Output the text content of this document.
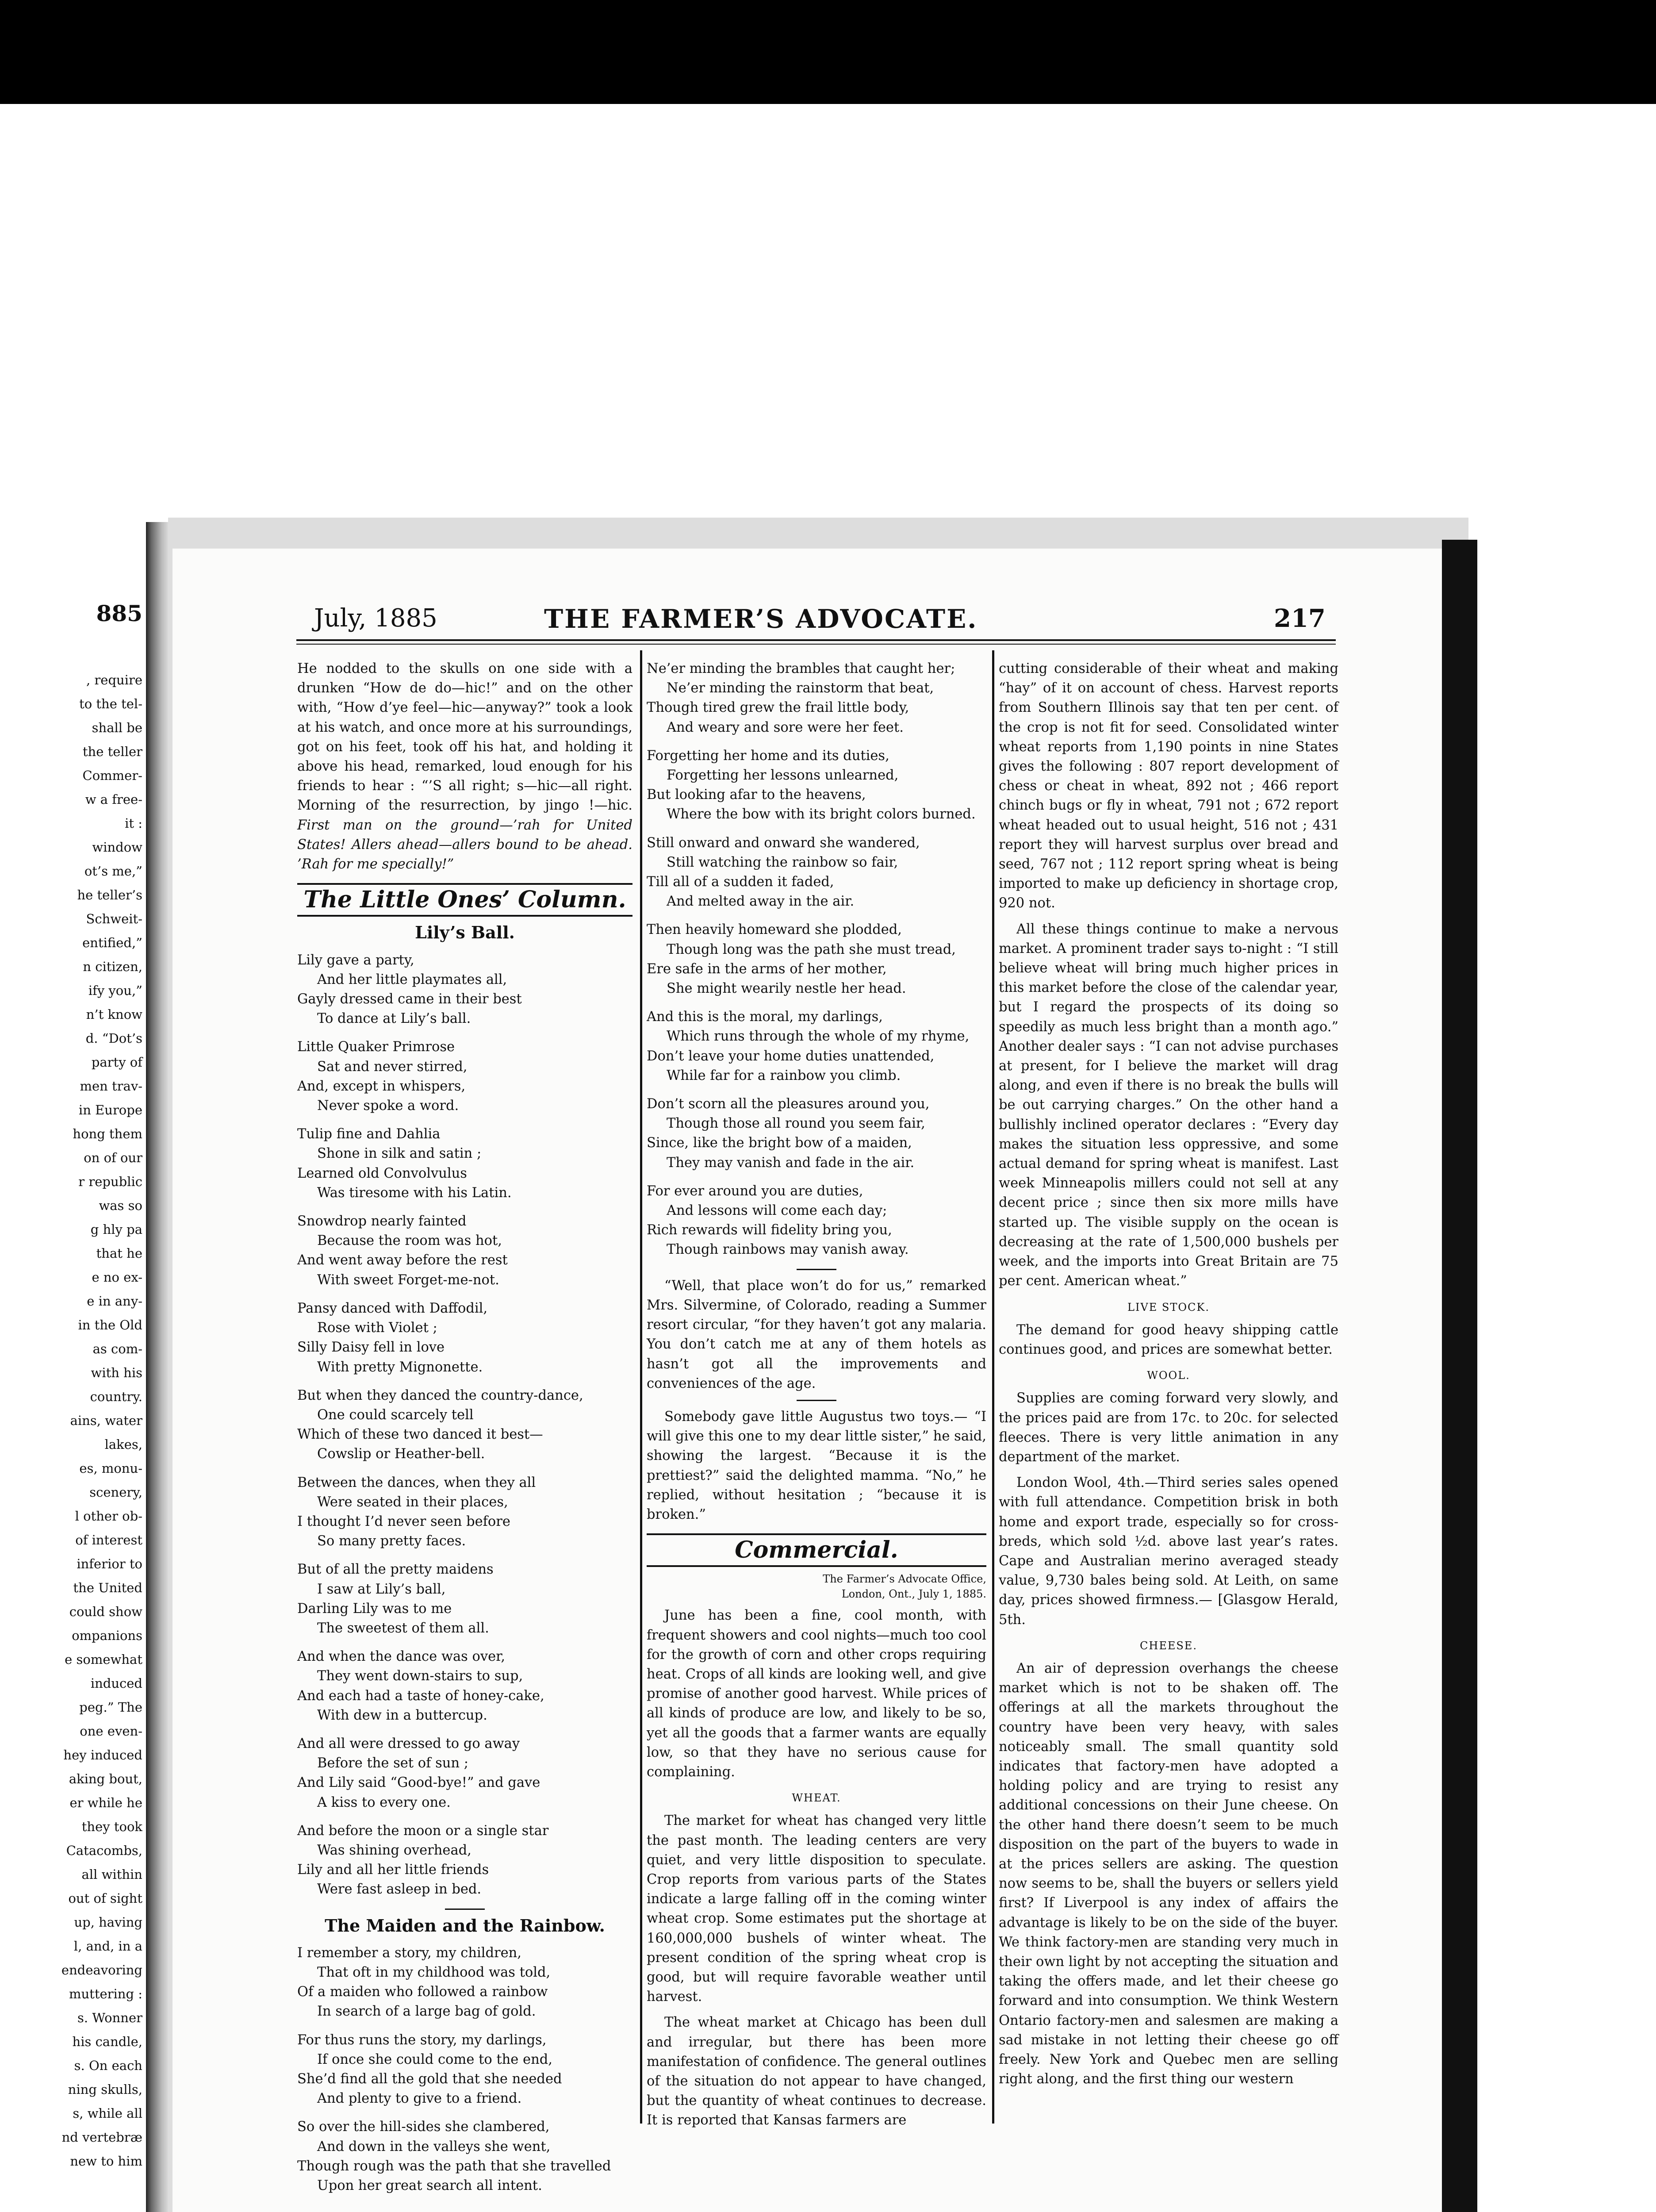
885
, require
to the tel-
shall be
the teller
Commer-
w a free-
it :
window
ot’s me,”
he teller’s
Schweit-
entified,”
n citizen,
ify you,”
n’t know
d. “Dot’s
party of
men trav-
in Europe
hong them
on of our
r republic
was so
g hly pa
that he
e no ex-
e in any-
in the Old
as com-
with his
country.
ains, water
lakes,
es, monu-
scenery,
l other ob-
of interest
inferior to
the United
could show
ompanions
e somewhat
induced
peg.” The
one even-
hey induced
aking bout,
er while he
they took
Catacombs,
all within
out of sight
up, having
l, and, in a
endeavoring
muttering :
s. Wonner
his candle,
s. On each
ning skulls,
s, while all
nd vertebræ
new to him
July, 1885	THE FARMER’S ADVOCATE.	217

He nodded to the skulls on one side with a drunken “How de do—hic!” and on the other with, “How d’ye feel—hic—anyway?” took a look at his watch, and once more at his surroundings, got on his feet, took off his hat, and holding it above his head, remarked, loud enough for his friends to hear : “’S all right; s—hic—all right. Morning of the resurrection, by jingo !—hic. First man on the ground—’rah for United States! Allers ahead—allers bound to be ahead. ’Rah for me specially!”

The Little Ones’ Column.
Lily’s Ball.

Lily gave a party,

And her little playmates all,

Gayly dressed came in their best

To dance at Lily’s ball.

Little Quaker Primrose

Sat and never stirred,

And, except in whispers,

Never spoke a word.

Tulip fine and Dahlia

Shone in silk and satin ;

Learned old Convolvulus

Was tiresome with his Latin.

Snowdrop nearly fainted

Because the room was hot,

And went away before the rest

With sweet Forget-me-not.

Pansy danced with Daffodil,

Rose with Violet ;

Silly Daisy fell in love

With pretty Mignonette.

But when they danced the country-dance,

One could scarcely tell

Which of these two danced it best—

Cowslip or Heather-bell.

Between the dances, when they all

Were seated in their places,

I thought I’d never seen before

So many pretty faces.

But of all the pretty maidens

I saw at Lily’s ball,

Darling Lily was to me

The sweetest of them all.

And when the dance was over,

They went down-stairs to sup,

And each had a taste of honey-cake,

With dew in a buttercup.

And all were dressed to go away

Before the set of sun ;

And Lily said “Good-bye!” and gave

A kiss to every one.

And before the moon or a single star

Was shining overhead,

Lily and all her little friends

Were fast asleep in bed.

The Maiden and the Rainbow.

I remember a story, my children,

That oft in my childhood was told,

Of a maiden who followed a rainbow

In search of a large bag of gold.

For thus runs the story, my darlings,

If once she could come to the end,

She’d find all the gold that she needed

And plenty to give to a friend.

So over the hill-sides she clambered,

And down in the valleys she went,

Though rough was the path that she travelled

Upon her great search all intent.

Ne’er minding the brambles that caught her;

Ne’er minding the rainstorm that beat,

Though tired grew the frail little body,

And weary and sore were her feet.

Forgetting her home and its duties,

Forgetting her lessons unlearned,

But looking afar to the heavens,

Where the bow with its bright colors burned.

Still onward and onward she wandered,

Still watching the rainbow so fair,

Till all of a sudden it faded,

And melted away in the air.

Then heavily homeward she plodded,

Though long was the path she must tread,

Ere safe in the arms of her mother,

She might wearily nestle her head.

And this is the moral, my darlings,

Which runs through the whole of my rhyme,

Don’t leave your home duties unattended,

While far for a rainbow you climb.

Don’t scorn all the pleasures around you,

Though those all round you seem fair,

Since, like the bright bow of a maiden,

They may vanish and fade in the air.

For ever around you are duties,

And lessons will come each day;

Rich rewards will fidelity bring you,

Though rainbows may vanish away.

“Well, that place won’t do for us,” remarked Mrs. Silvermine, of Colorado, reading a Summer resort circular, “for they haven’t got any malaria. You don’t catch me at any of them hotels as hasn’t got all the improvements and conveniences of the age.

Somebody gave little Augustus two toys.— “I will give this one to my dear little sister,” he said, showing the largest. “Because it is the prettiest?” said the delighted mamma. “No,” he replied, without hesitation ; “because it is broken.”

Commercial.
The Farmer’s Advocate Office,
London, Ont., July 1, 1885.

June has been a fine, cool month, with frequent showers and cool nights—much too cool for the growth of corn and other crops requiring heat. Crops of all kinds are looking well, and give promise of another good harvest. While prices of all kinds of produce are low, and likely to be so, yet all the goods that a farmer wants are equally low, so that they have no serious cause for complaining.

WHEAT.

The market for wheat has changed very little the past month. The leading centers are very quiet, and very little disposition to speculate. Crop reports from various parts of the States indicate a large falling off in the coming winter wheat crop. Some estimates put the shortage at 160,000,000 bushels of winter wheat. The present condition of the spring wheat crop is good, but will require favorable weather until harvest.

The wheat market at Chicago has been dull and irregular, but there has been more manifestation of confidence. The general outlines of the situation do not appear to have changed, but the quantity of wheat continues to decrease. It is reported that Kansas farmers are

cutting considerable of their wheat and making “hay” of it on account of chess. Harvest reports from Southern Illinois say that ten per cent. of the crop is not fit for seed. Consolidated winter wheat reports from 1,190 points in nine States gives the following : 807 report development of chess or cheat in wheat, 892 not ; 466 report chinch bugs or fly in wheat, 791 not ; 672 report wheat headed out to usual height, 516 not ; 431 report they will harvest surplus over bread and seed, 767 not ; 112 report spring wheat is being imported to make up deficiency in shortage crop, 920 not.

All these things continue to make a nervous market. A prominent trader says to-night : “I still believe wheat will bring much higher prices in this market before the close of the calendar year, but I regard the prospects of its doing so speedily as much less bright than a month ago.” Another dealer says : “I can not advise purchases at present, for I believe the market will drag along, and even if there is no break the bulls will be out carrying charges.” On the other hand a bullishly inclined operator declares : “Every day makes the situation less oppressive, and some actual demand for spring wheat is manifest. Last week Minneapolis millers could not sell at any decent price ; since then six more mills have started up. The visible supply on the ocean is decreasing at the rate of 1,500,000 bushels per week, and the imports into Great Britain are 75 per cent. American wheat.”

LIVE STOCK.

The demand for good heavy shipping cattle continues good, and prices are somewhat better.

WOOL.

Supplies are coming forward very slowly, and the prices paid are from 17c. to 20c. for selected fleeces. There is very little animation in any department of the market.

London Wool, 4th.—Third series sales opened with full attendance. Competition brisk in both home and export trade, especially so for cross-breds, which sold ½d. above last year’s rates. Cape and Australian merino averaged steady value, 9,730 bales being sold. At Leith, on same day, prices showed firmness.— [Glasgow Herald, 5th.

CHEESE.

An air of depression overhangs the cheese market which is not to be shaken off. The offerings at all the markets throughout the country have been very heavy, with sales noticeably small. The small quantity sold indicates that factory-men have adopted a holding policy and are trying to resist any additional concessions on their June cheese. On the other hand there doesn’t seem to be much disposition on the part of the buyers to wade in at the prices sellers are asking. The question now seems to be, shall the buyers or sellers yield first? If Liverpool is any index of affairs the advantage is likely to be on the side of the buyer. We think factory-men are standing very much in their own light by not accepting the situation and taking the offers made, and let their cheese go forward and into consumption. We think Western Ontario factory-men and salesmen are making a sad mistake in not letting their cheese go off freely. New York and Quebec men are selling right along, and the first thing our western
